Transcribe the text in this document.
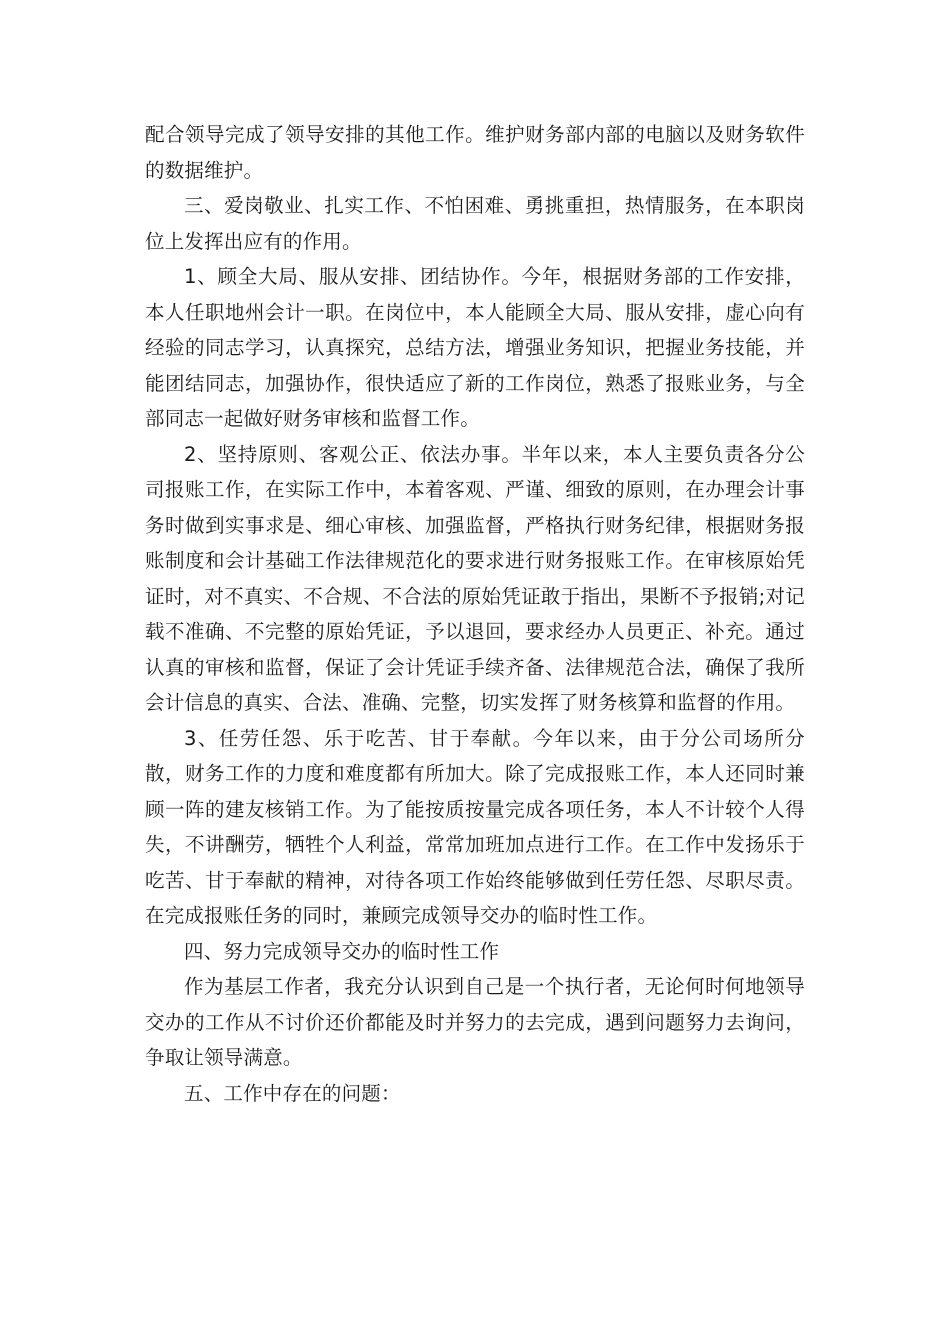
配合领导完成了领导安排的其他工作。维护财务部内部的电脑以及财务软件的数据维护。

三、爱岗敬业、扎实工作、不怕困难、勇挑重担，热情服务，在本职岗位上发挥出应有的作用。

1、顾全大局、服从安排、团结协作。今年，根据财务部的工作安排，本人任职地州会计一职。在岗位中，本人能顾全大局、服从安排，虚心向有经验的同志学习，认真探究，总结方法，增强业务知识，把握业务技能，并能团结同志，加强协作，很快适应了新的工作岗位，熟悉了报账业务，与全部同志一起做好财务审核和监督工作。

2、坚持原则、客观公正、依法办事。半年以来，本人主要负责各分公司报账工作，在实际工作中，本着客观、严谨、细致的原则，在办理会计事务时做到实事求是、细心审核、加强监督，严格执行财务纪律，根据财务报账制度和会计基础工作法律规范化的要求进行财务报账工作。在审核原始凭证时，对不真实、不合规、不合法的原始凭证敢于指出，果断不予报销;对记载不准确、不完整的原始凭证，予以退回，要求经办人员更正、补充。通过认真的审核和监督，保证了会计凭证手续齐备、法律规范合法，确保了我所会计信息的真实、合法、准确、完整，切实发挥了财务核算和监督的作用。

3、任劳任怨、乐于吃苦、甘于奉献。今年以来，由于分公司场所分散，财务工作的力度和难度都有所加大。除了完成报账工作，本人还同时兼顾一阵的建友核销工作。为了能按质按量完成各项任务，本人不计较个人得失，不讲酬劳，牺牲个人利益，常常加班加点进行工作。在工作中发扬乐于吃苦、甘于奉献的精神，对待各项工作始终能够做到任劳任怨、尽职尽责。在完成报账任务的同时，兼顾完成领导交办的临时性工作。

四、努力完成领导交办的临时性工作

作为基层工作者，我充分认识到自己是一个执行者，无论何时何地领导交办的工作从不讨价还价都能及时并努力的去完成，遇到问题努力去询问，争取让领导满意。

五、工作中存在的问题：
